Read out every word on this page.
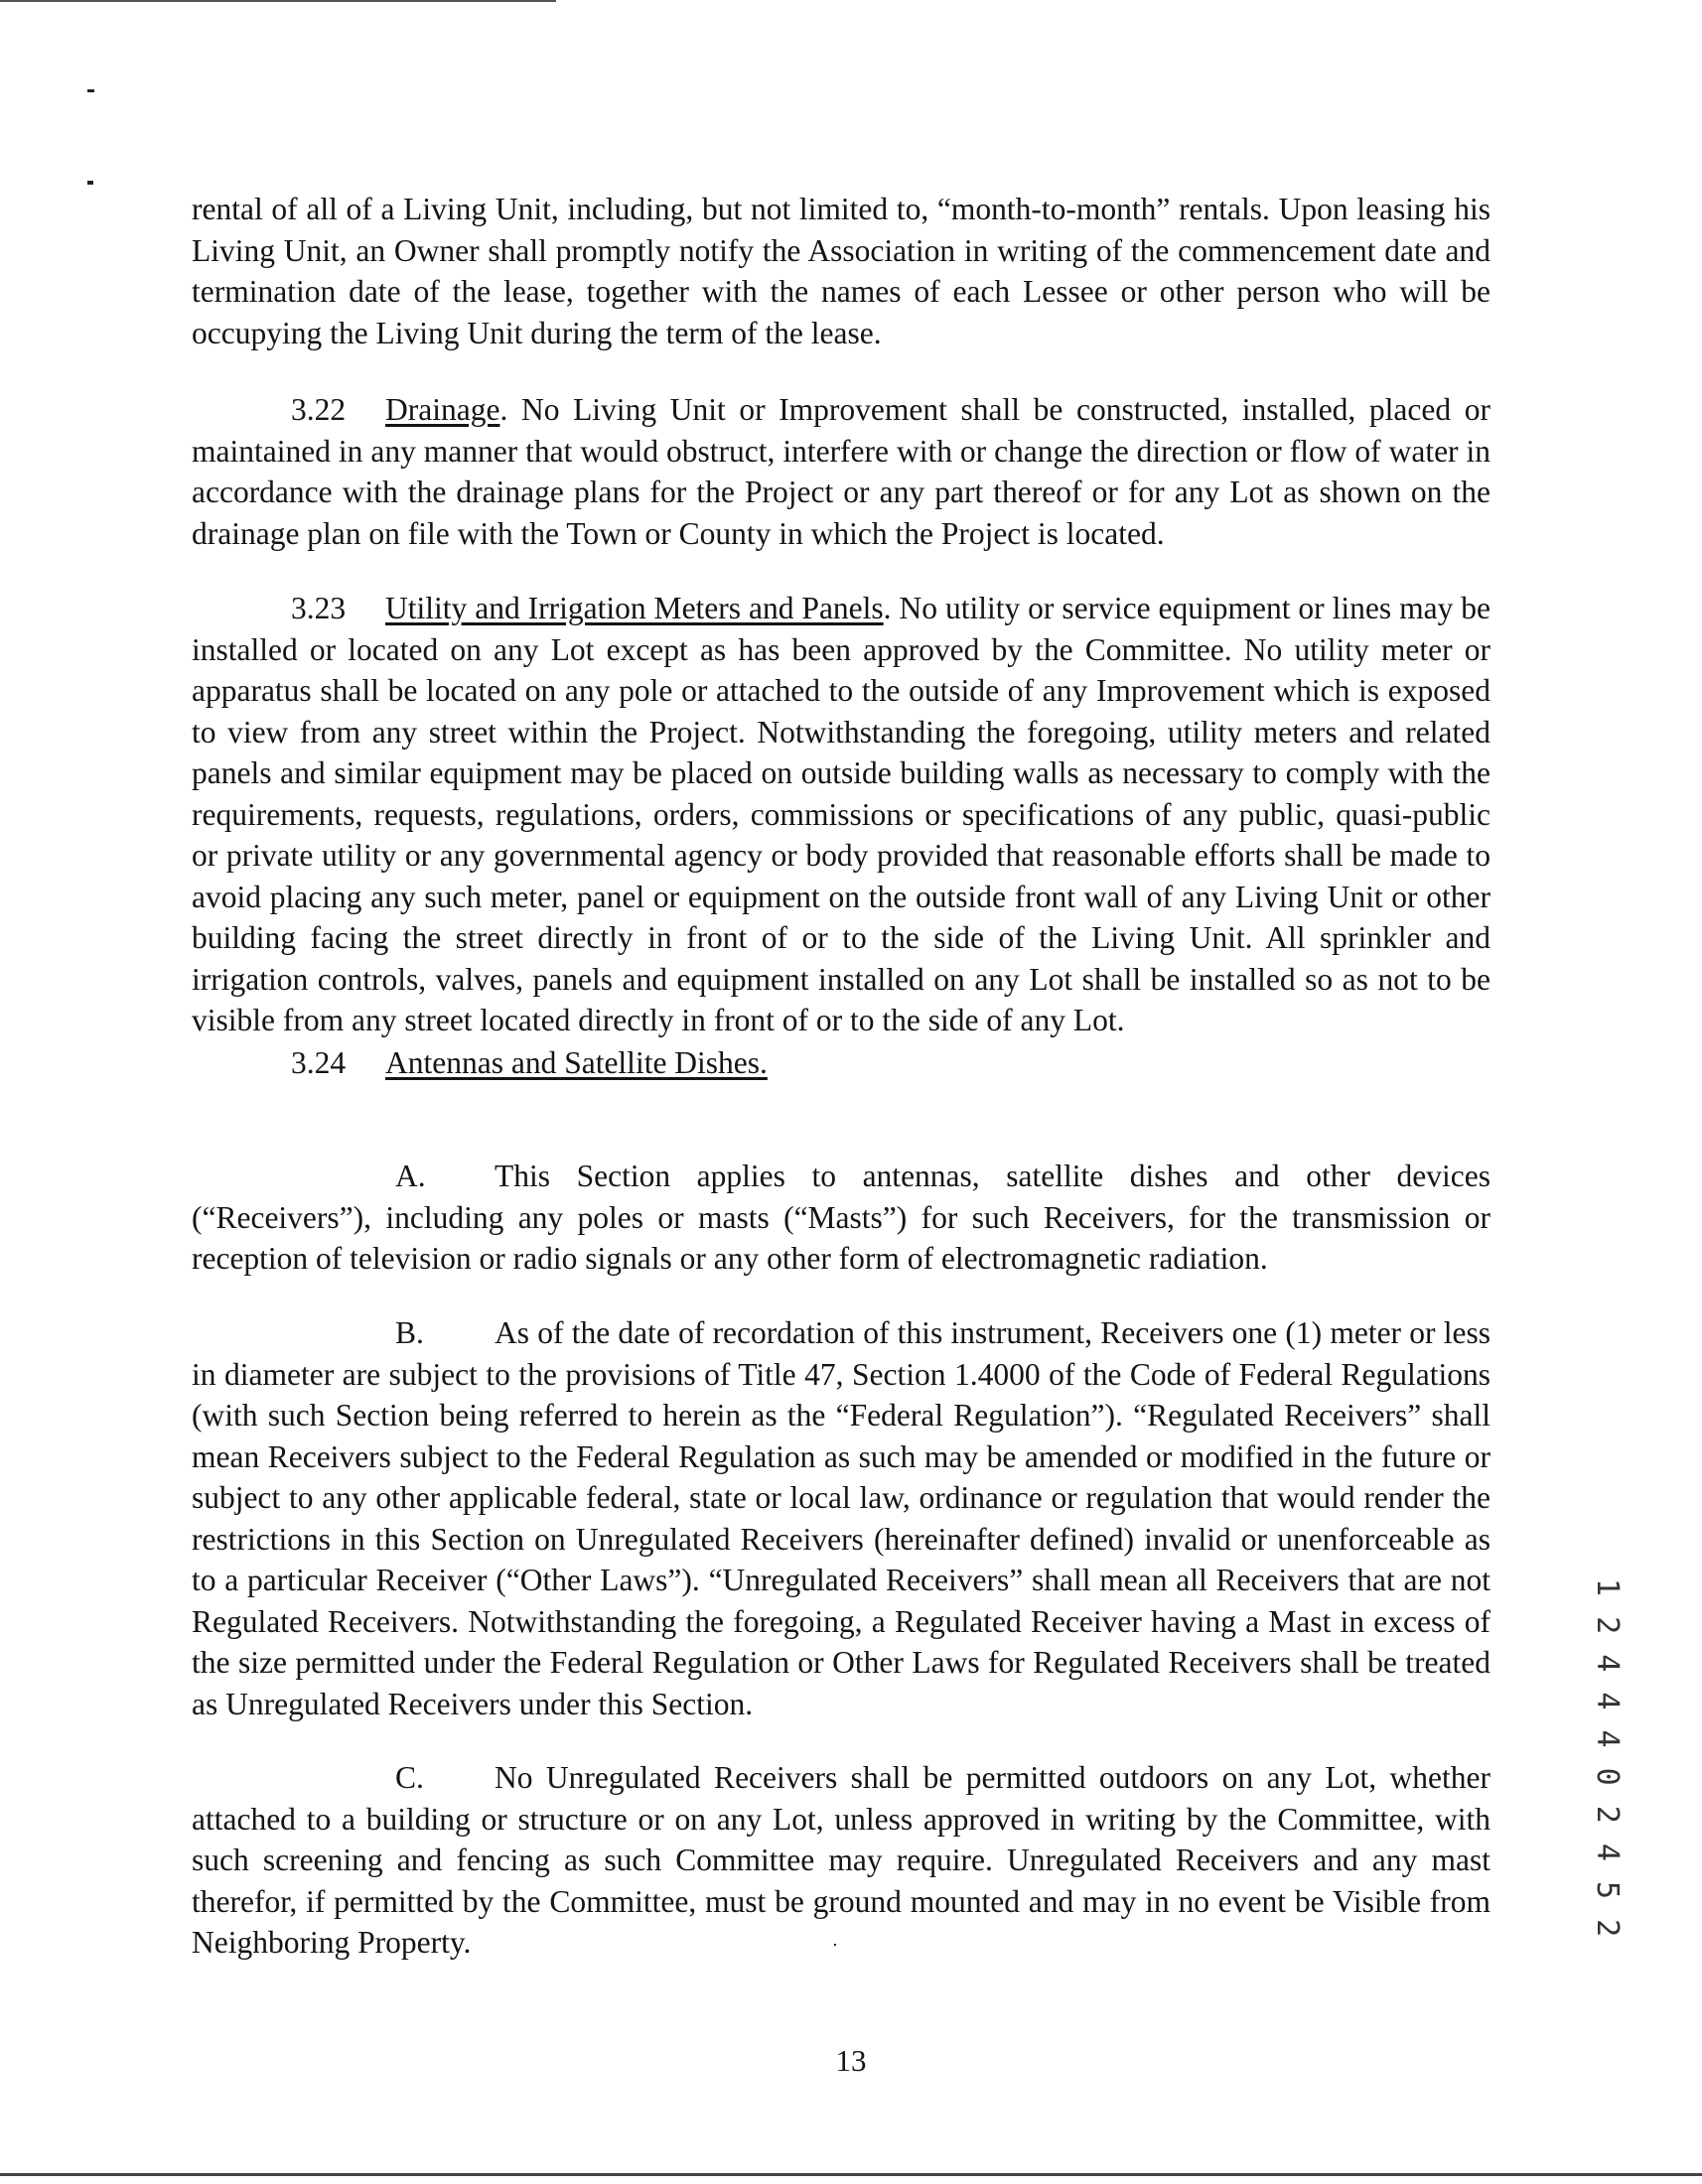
rental of all of a Living Unit, including, but not limited to, “month-to-month” rentals. Upon leasing his Living Unit, an Owner shall promptly notify the Association in writing of the commencement date and termination date of the lease, together with the names of each Lessee or other person who will be occupying the Living Unit during the term of the lease.

3.22 Drainage. No Living Unit or Improvement shall be constructed, installed, placed or maintained in any manner that would obstruct, interfere with or change the direction or flow of water in accordance with the drainage plans for the Project or any part thereof or for any Lot as shown on the drainage plan on file with the Town or County in which the Project is located.

3.23 Utility and Irrigation Meters and Panels. No utility or service equipment or lines may be installed or located on any Lot except as has been approved by the Committee. No utility meter or apparatus shall be located on any pole or attached to the outside of any Improvement which is exposed to view from any street within the Project. Notwithstanding the foregoing, utility meters and related panels and similar equipment may be placed on outside building walls as necessary to comply with the requirements, requests, regulations, orders, commissions or specifications of any public, quasi-public or private utility or any governmental agency or body provided that reasonable efforts shall be made to avoid placing any such meter, panel or equipment on the outside front wall of any Living Unit or other building facing the street directly in front of or to the side of the Living Unit. All sprinkler and irrigation controls, valves, panels and equipment installed on any Lot shall be installed so as not to be visible from any street located directly in front of or to the side of any Lot.

3.24 Antennas and Satellite Dishes.

A. This Section applies to antennas, satellite dishes and other devices (“Receivers”), including any poles or masts (“Masts”) for such Receivers, for the transmission or reception of television or radio signals or any other form of electromagnetic radiation.

B. As of the date of recordation of this instrument, Receivers one (1) meter or less in diameter are subject to the provisions of Title 47, Section 1.4000 of the Code of Federal Regulations (with such Section being referred to herein as the “Federal Regulation”). “Regulated Receivers” shall mean Receivers subject to the Federal Regulation as such may be amended or modified in the future or subject to any other applicable federal, state or local law, ordinance or regulation that would render the restrictions in this Section on Unregulated Receivers (hereinafter defined) invalid or unenforceable as to a particular Receiver (“Other Laws”). “Unregulated Receivers” shall mean all Receivers that are not Regulated Receivers. Notwithstanding the foregoing, a Regulated Receiver having a Mast in excess of the size permitted under the Federal Regulation or Other Laws for Regulated Receivers shall be treated as Unregulated Receivers under this Section.

C. No Unregulated Receivers shall be permitted outdoors on any Lot, whether attached to a building or structure or on any Lot, unless approved in writing by the Committee, with such screening and fencing as such Committee may require. Unregulated Receivers and any mast therefor, if permitted by the Committee, must be ground mounted and may in no event be Visible from Neighboring Property.

1 2 4 4 4 0 2 4 5 2
13
